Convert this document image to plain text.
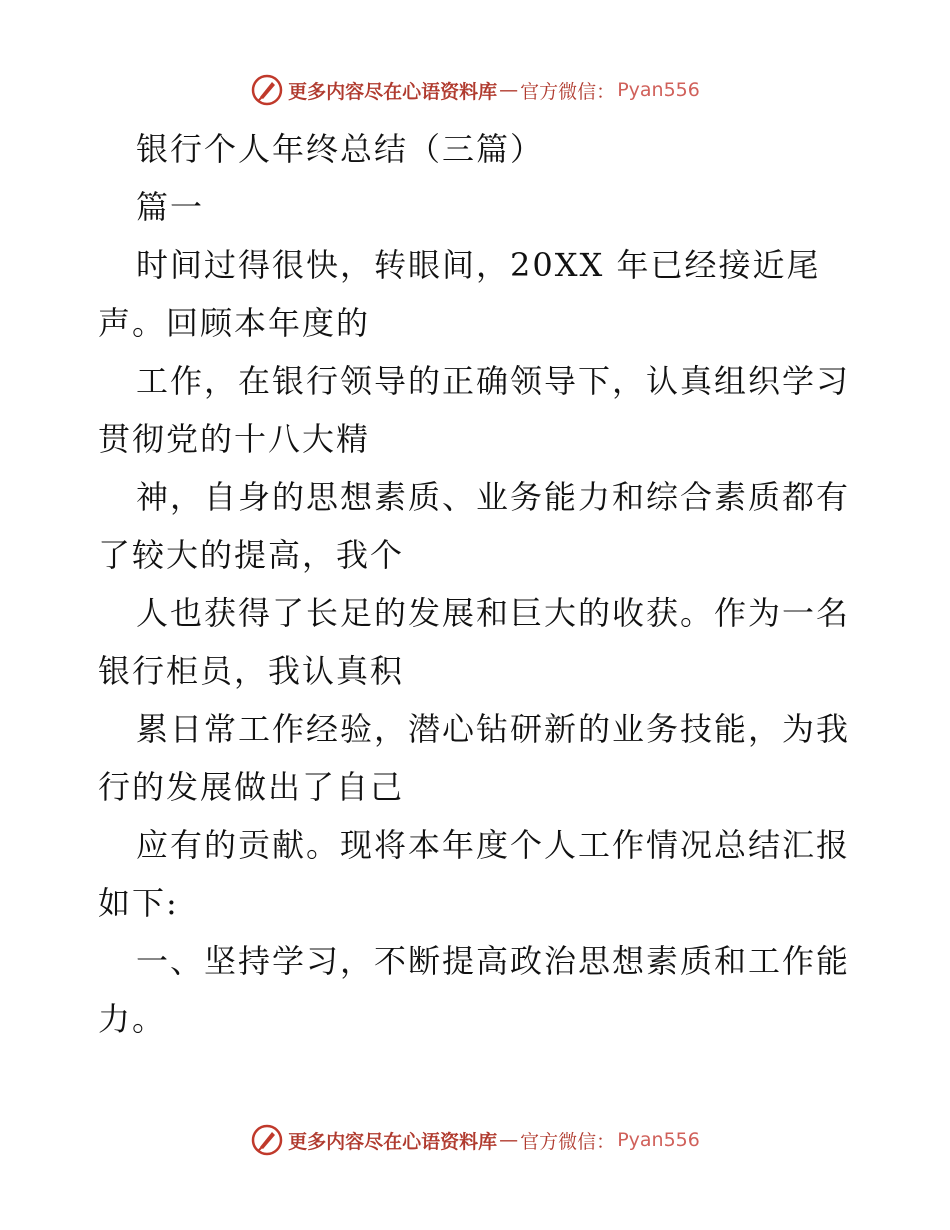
更多内容尽在心语资料库 — 官方微信： Pyan556
银行个人年终总结（三篇）
篇一
时间过得很快，转眼间，20XX 年已经接近尾
声。回顾本年度的
工作，在银行领导的正确领导下，认真组织学习
贯彻党的十八大精
神，自身的思想素质、业务能力和综合素质都有
了较大的提高，我个
人也获得了长足的发展和巨大的收获。作为一名
银行柜员，我认真积
累日常工作经验，潜心钻研新的业务技能，为我
行的发展做出了自己
应有的贡献。现将本年度个人工作情况总结汇报
如下:
一、坚持学习，不断提高政治思想素质和工作能
力。
更多内容尽在心语资料库 — 官方微信： Pyan556
